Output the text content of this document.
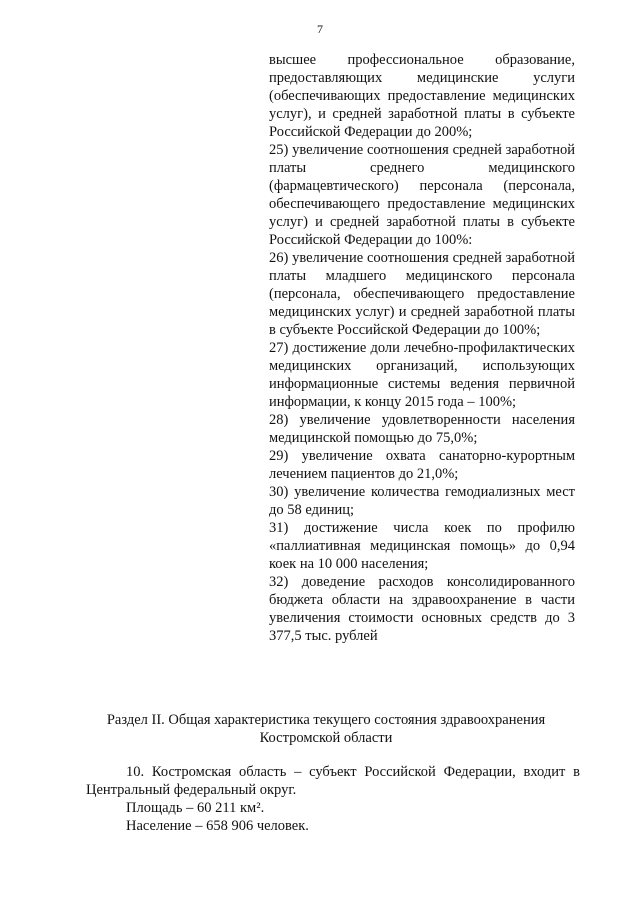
7

высшее профессиональное образование, предоставляющих медицинские услуги (обеспечивающих предоставление медицинских услуг), и средней заработной платы в субъекте Российской Федерации до 200%;

25) увеличение соотношения средней заработной платы среднего медицинского (фармацевтического) персонала (персонала, обеспечивающего предоставление медицинских услуг) и средней заработной платы в субъекте Российской Федерации до 100%:

26) увеличение соотношения средней заработной платы младшего медицинского персонала (персонала, обеспечивающего предоставление медицинских услуг) и средней заработной платы в субъекте Российской Федерации до 100%;

27) достижение доли лечебно-профилактических медицинских организаций, использующих информационные системы ведения первичной информации, к концу 2015 года – 100%;

28) увеличение удовлетворенности населения медицинской помощью до 75,0%;

29) увеличение охвата санаторно-курортным лечением пациентов до 21,0%;

30) увеличение количества гемодиализных мест до 58 единиц;

31) достижение числа коек по профилю «паллиативная медицинская помощь» до 0,94 коек на 10 000 населения;

32) доведение расходов консолидированного бюджета области на здравоохранение в части увеличения стоимости основных средств до 3 377,5 тыс. рублей

Раздел II. Общая характеристика текущего состояния здравоохранения
Костромской области

10. Костромская область – субъект Российской Федерации, входит в Центральный федеральный округ.

Площадь – 60 211 км².

Население – 658 906 человек.
